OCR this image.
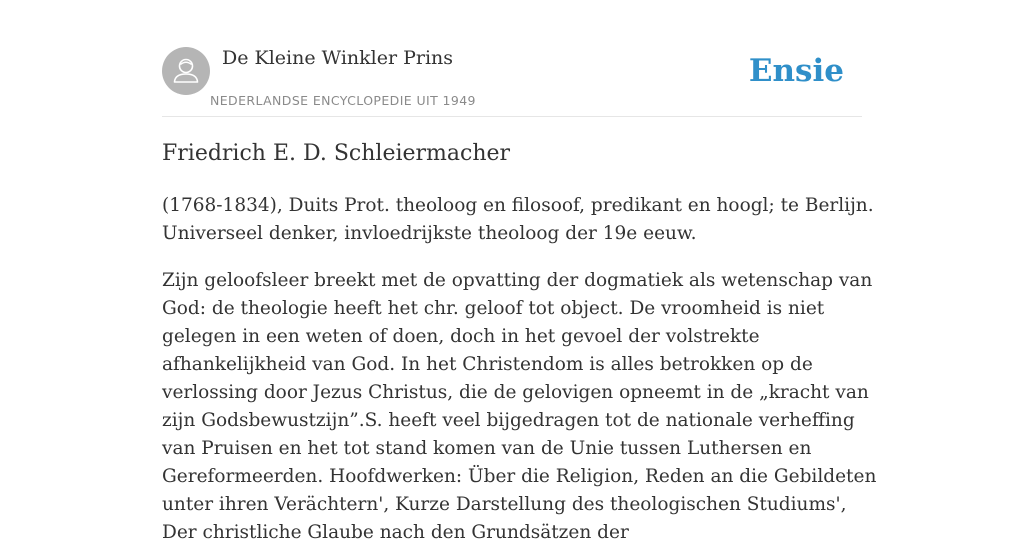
De Kleine Winkler Prins
NEDERLANDSE ENCYCLOPEDIE UIT 1949
Ensie
Friedrich E. D. Schleiermacher

(1768-1834), Duits Prot. theoloog en filosoof, predikant en hoogl; te Berlijn. Universeel denker, invloedrijkste theoloog der 19e eeuw.

Zijn geloofsleer breekt met de opvatting der dogmatiek als wetenschap van God: de theologie heeft het chr. geloof tot object. De vroomheid is niet gelegen in een weten of doen, doch in het gevoel der volstrekte afhankelijkheid van God. In het Christendom is alles betrokken op de verlossing door Jezus Christus, die de gelovigen opneemt in de „kracht van zijn Godsbewustzijn”.S. heeft veel bijgedragen tot de nationale verheffing van Pruisen en het tot stand komen van de Unie tussen Luthersen en Gereformeerden. Hoofdwerken: Über die Religion, Reden an die Gebildeten unter ihren Verächtern', Kurze Darstellung des theologischen Studiums', Der christliche Glaube nach den Grundsätzen der
